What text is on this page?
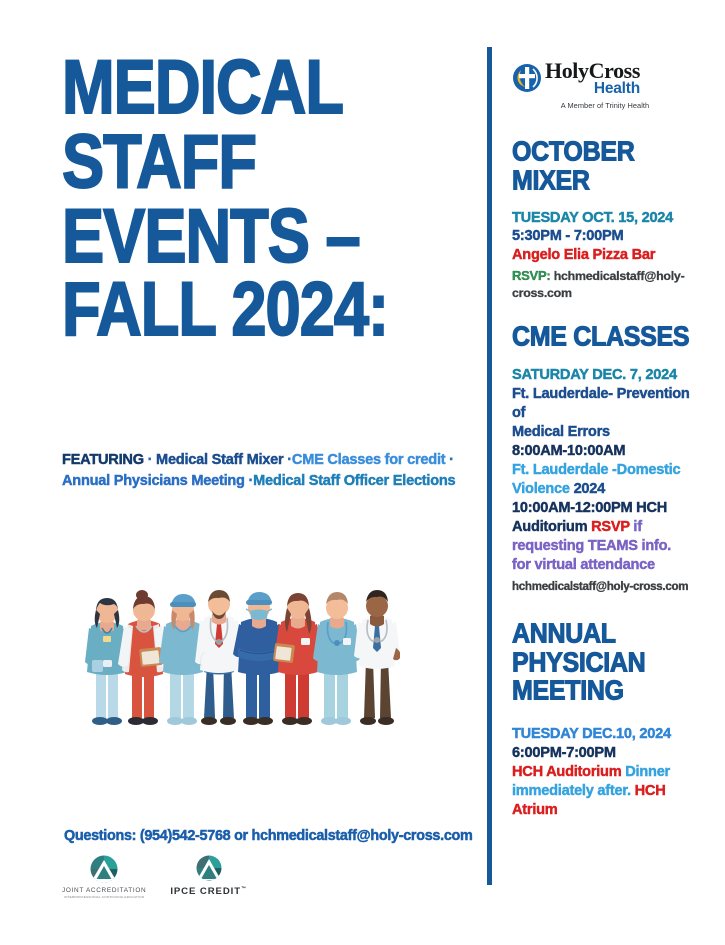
MEDICAL
STAFF
EVENTS –
FALL 2024:
FEATURING · Medical Staff Mixer ·CME Classes for credit · Annual Physicians Meeting ·Medical Staff Officer Elections
Questions: (954)542-5768 or hchmedicalstaff@holy-cross.com
JOINT ACCREDITATION
INTERPROFESSIONAL CONTINUING EDUCATION	IPCE CREDIT™
HolyCross
Health
A Member of Trinity Health
OCTOBER
MIXER
TUESDAY OCT. 15, 2024
5:30PM - 7:00PM
Angelo Elia Pizza Bar
RSVP: hchmedicalstaff@holy-
cross.com
CME CLASSES
SATURDAY DEC. 7, 2024
Ft. Lauderdale- Prevention of
Medical Errors
8:00AM-10:00AM
Ft. Lauderdale -Domestic
Violence 2024
10:00AM-12:00PM HCH
Auditorium RSVP if
requesting TEAMS info.
for virtual attendance
hchmedicalstaff@holy-cross.com
ANNUAL
PHYSICIAN
MEETING
TUESDAY DEC.10, 2024
6:00PM-7:00PM
HCH Auditorium Dinner
immediately after. HCH
Atrium
